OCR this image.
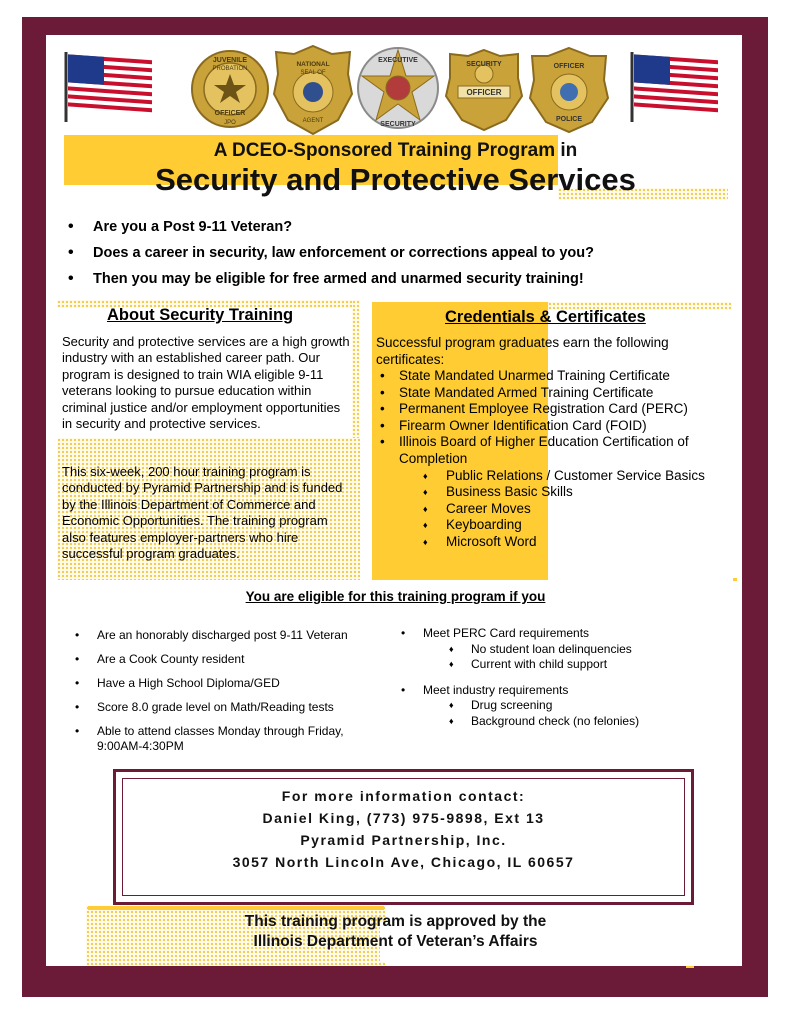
JUVENILE
PROBATION
OFFICER
JPO
NATIONAL
SEAL OF
AGENT
EXECUTIVE
SECURITY
SECURITY
OFFICER
OFFICER
POLICE
A DCEO-Sponsored Training Program in
Security and Protective Services
• Are you a Post 9-11 Veteran?
• Does a career in security, law enforcement or corrections appeal to you?
• Then you may be eligible for free armed and unarmed security training!
About Security Training
Security and protective services are a high growth industry with an established career path. Our program is designed to train WIA eligible 9-11 veterans looking to pursue education within criminal justice and/or employment opportunities in security and protective services.
This six-week, 200 hour training program is conducted by Pyramid Partnership and is funded by the Illinois Department of Commerce and Economic Opportunities. The training program also features employer-partners who hire successful program graduates.
Credentials & Certificates
Successful program graduates earn the following certificates:
• State Mandated Unarmed Training Certificate
• State Mandated Armed Training Certificate
• Permanent Employee Registration Card (PERC)
• Firearm Owner Identification Card (FOID)
• Illinois Board of Higher Education Certification of Completion
♦ Public Relations / Customer Service Basics
♦ Business Basic Skills
♦ Career Moves
♦ Keyboarding
♦ Microsoft Word
You are eligible for this training program if you
• Are an honorably discharged post 9-11 Veteran
• Are a Cook County resident
• Have a High School Diploma/GED
• Score 8.0 grade level on Math/Reading tests
• Able to attend classes Monday through Friday, 9:00AM-4:30PM
• Meet PERC Card requirements
♦ No student loan delinquencies
♦ Current with child support
• Meet industry requirements
♦ Drug screening
♦ Background check (no felonies)
For more information contact:
Daniel King, (773) 975-9898, Ext 13
Pyramid Partnership, Inc.
3057 North Lincoln Ave, Chicago, IL 60657
This training program is approved by the
Illinois Department of Veteran’s Affairs
